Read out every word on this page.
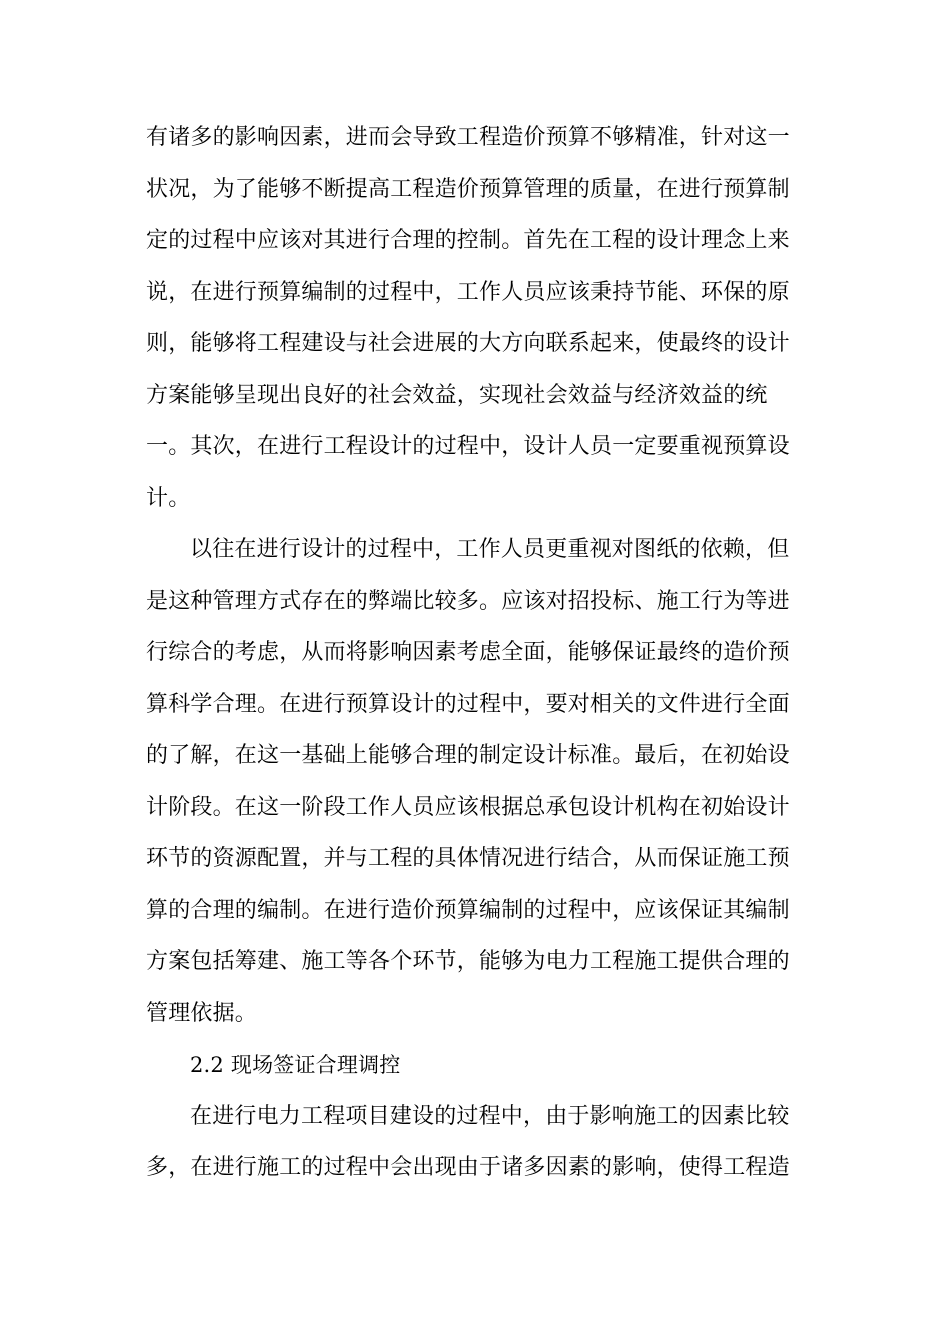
有诸多的影响因素，进而会导致工程造价预算不够精准，针对这一
状况，为了能够不断提高工程造价预算管理的质量，在进行预算制
定的过程中应该对其进行合理的控制。首先在工程的设计理念上来
说，在进行预算编制的过程中，工作人员应该秉持节能、环保的原
则，能够将工程建设与社会进展的大方向联系起来，使最终的设计
方案能够呈现出良好的社会效益，实现社会效益与经济效益的统
一。其次，在进行工程设计的过程中，设计人员一定要重视预算设
计。
以往在进行设计的过程中，工作人员更重视对图纸的依赖，但
是这种管理方式存在的弊端比较多。应该对招投标、施工行为等进
行综合的考虑，从而将影响因素考虑全面，能够保证最终的造价预
算科学合理。在进行预算设计的过程中，要对相关的文件进行全面
的了解，在这一基础上能够合理的制定设计标准。最后，在初始设
计阶段。在这一阶段工作人员应该根据总承包设计机构在初始设计
环节的资源配置，并与工程的具体情况进行结合，从而保证施工预
算的合理的编制。在进行造价预算编制的过程中，应该保证其编制
方案包括筹建、施工等各个环节，能够为电力工程施工提供合理的
管理依据。
2.2 现场签证合理调控
在进行电力工程项目建设的过程中，由于影响施工的因素比较
多，在进行施工的过程中会出现由于诸多因素的影响，使得工程造
